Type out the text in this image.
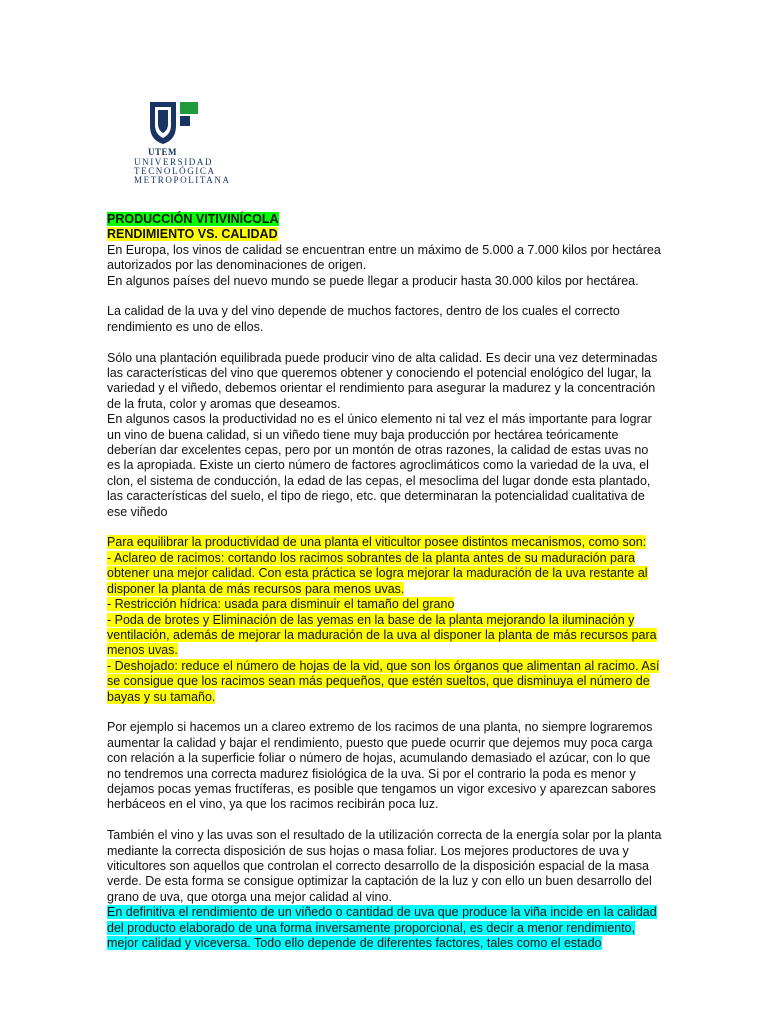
UTEM
UNIVERSIDAD
TECNOLÓGICA
METROPOLITANA

PRODUCCIÓN VITIVINÍCOLA

RENDIMIENTO VS. CALIDAD

En Europa, los vinos de calidad se encuentran entre un máximo de 5.000 a 7.000 kilos por hectárea autorizados por las denominaciones de origen.

En algunos países del nuevo mundo se puede llegar a producir hasta 30.000 kilos por hectárea.

La calidad de la uva y del vino depende de muchos factores, dentro de los cuales el correcto rendimiento es uno de ellos.

Sólo una plantación equilibrada puede producir vino de alta calidad. Es decir una vez determinadas las características del vino que queremos obtener y conociendo el potencial enológico del lugar, la variedad y el viñedo, debemos orientar el rendimiento para asegurar la madurez y la concentración de la fruta, color y aromas que deseamos.

En algunos casos la productividad no es el único elemento ni tal vez el más importante para lograr un vino de buena calidad, si un viñedo tiene muy baja producción por hectárea teóricamente deberían dar excelentes cepas, pero por un montón de otras razones, la calidad de estas uvas no es la apropiada. Existe un cierto número de factores agroclimáticos como la variedad de la uva, el clon, el sistema de conducción, la edad de las cepas, el mesoclima del lugar donde esta plantado, las características del suelo, el tipo de riego, etc. que determinaran la potencialidad cualitativa de ese viñedo

Para equilibrar la productividad de una planta el viticultor posee distintos mecanismos, como son:

- Aclareo de racimos: cortando los racimos sobrantes de la planta antes de su maduración para obtener una mejor calidad. Con esta práctica se logra mejorar la maduración de la uva restante al disponer la planta de más recursos para menos uvas.

- Restricción hídrica: usada para disminuir el tamaño del grano

- Poda de brotes y Eliminación de las yemas en la base de la planta mejorando la iluminación y ventilación, además de mejorar la maduración de la uva al disponer la planta de más recursos para menos uvas.

- Deshojado: reduce el número de hojas de la vid, que son los órganos que alimentan al racimo. Así se consigue que los racimos sean más pequeños, que estén sueltos, que disminuya el número de bayas y su tamaño.

Por ejemplo si hacemos un a clareo extremo de los racimos de una planta, no siempre lograremos aumentar la calidad y bajar el rendimiento, puesto que puede ocurrir que dejemos muy poca carga con relación a la superficie foliar o número de hojas, acumulando demasiado el azúcar, con lo que no tendremos una correcta madurez fisiológica de la uva. Si por el contrario la poda es menor y dejamos pocas yemas fructíferas, es posible que tengamos un vigor excesivo y aparezcan sabores herbáceos en el vino, ya que los racimos recibirán poca luz.

También el vino y las uvas son el resultado de la utilización correcta de la energía solar por la planta mediante la correcta disposición de sus hojas o masa foliar. Los mejores productores de uva y viticultores son aquellos que controlan el correcto desarrollo de la disposición espacial de la masa verde. De esta forma se consigue optimizar la captación de la luz y con ello un buen desarrollo del grano de uva, que otorga una mejor calidad al vino.

En definitiva el rendimiento de un viñedo o cantidad de uva que produce la viña incide en la calidad del producto elaborado de una forma inversamente proporcional, es decir a menor rendimiento, mejor calidad y viceversa. Todo ello depende de diferentes factores, tales como el estado
